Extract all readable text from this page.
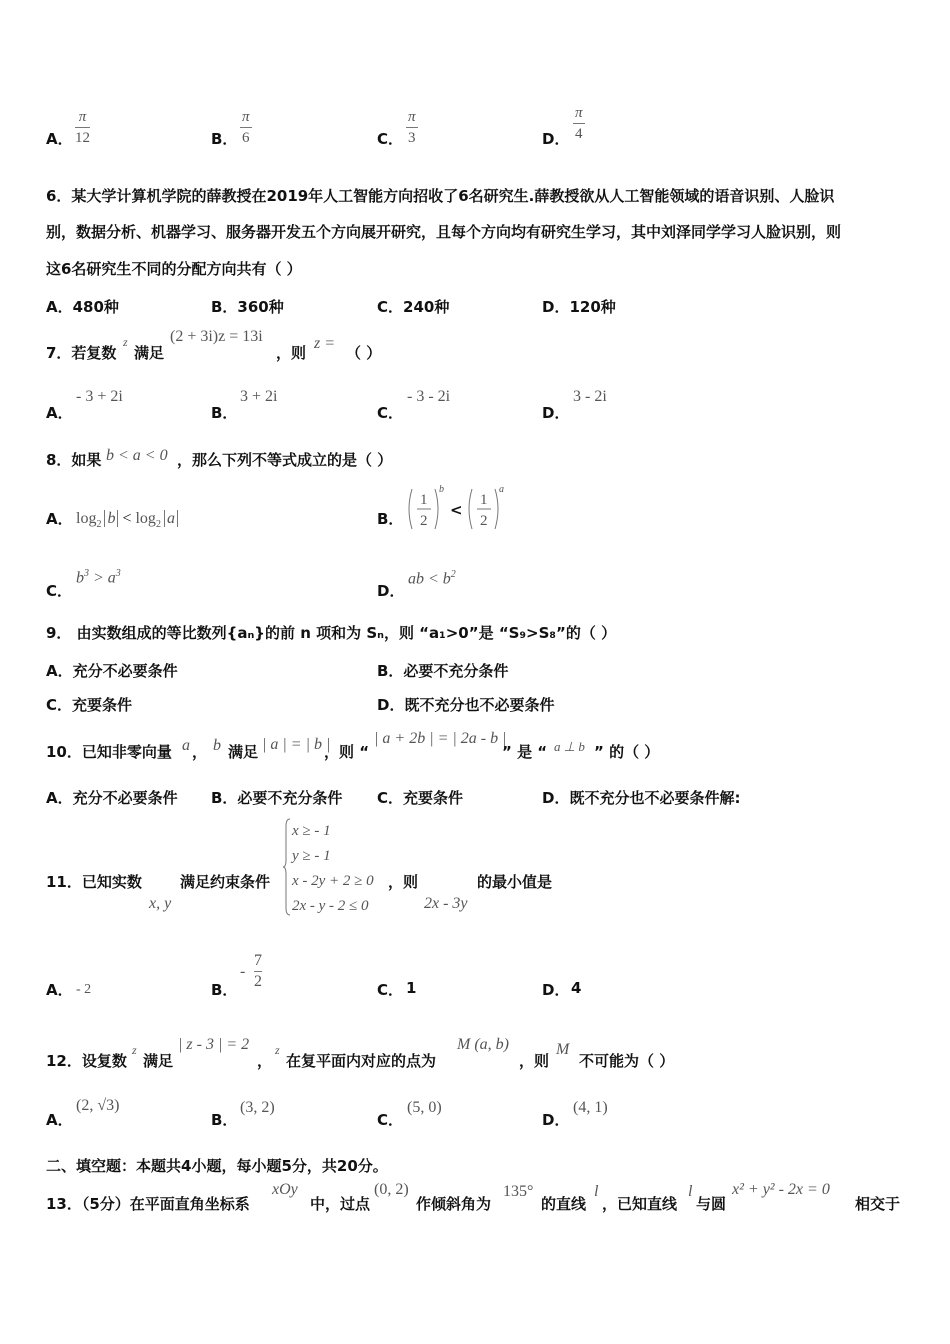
A．
π
12	B．
π
6	C．
π
3	D．
π
4
6．某大学计算机学院的薛教授在2019年人工智能方向招收了6名研究生.薛教授欲从人工智能领域的语音识别、人脸识
别，数据分析、机器学习、服务器开发五个方向展开研究，且每个方向均有研究生学习，其中刘泽同学学习人脸识别，则
这6名研究生不同的分配方向共有（ ）
A．480种	B．360种	C．240种	D．120种
7．若复数
z
满足
(2 + 3i)z = 13i
，则
z =
（ ）
A．
- 3 + 2i
B．
3 + 2i
C．
- 3 - 2i
D．
3 - 2i
8．如果 b < a < 0 ，那么下列不等式成立的是（ ）
A． $\log_2 b < \log_2 a$	B．
1
2
b
<
1
2
a
C．
$b^3 > a^3$
D．
ab < $b^2$
9． 由实数组成的等比数列{aₙ}的前 n 项和为 Sₙ，则 “a₁>0”是 “S₉>S₈”的（ ）
A．充分不必要条件	B．必要不充分条件
C．充要条件	D．既不充分也不必要条件
10．已知非零向量 a ， b 满足 | a | = | b |
，则 “
| a + 2b | = | 2a - b |
” 是 “ a ⊥ b ” 的（ ）
A．充分不必要条件 B．必要不充分条件 C．充要条件	D．既不充分也不必要条件解:
11．已知实数
x, y
满足约束条件
x ≥ - 1
y ≥ - 1
x - 2y + 2 ≥ 0
2x - y - 2 ≤ 0
，则
2x - 3y
的最小值是
A． - 2	B．
-
7
2	C． 1	D． 4
12．设复数
z
满足
| z - 3 | = 2
，
z
在复平面内对应的点为
M (a, b)
，则
M
不可能为（ ）
A．
(2, √3)
B．
(3, 2)
C．
(5, 0)
D．
(4, 1)
二、填空题：本题共4小题，每小题5分，共20分。
13．（5分）在平面直角坐标系
xOy
中，过点
(0, 2)
作倾斜角为
135°
的直线
l
，已知直线
l
与圆
x² + y² - 2x = 0
相交于
